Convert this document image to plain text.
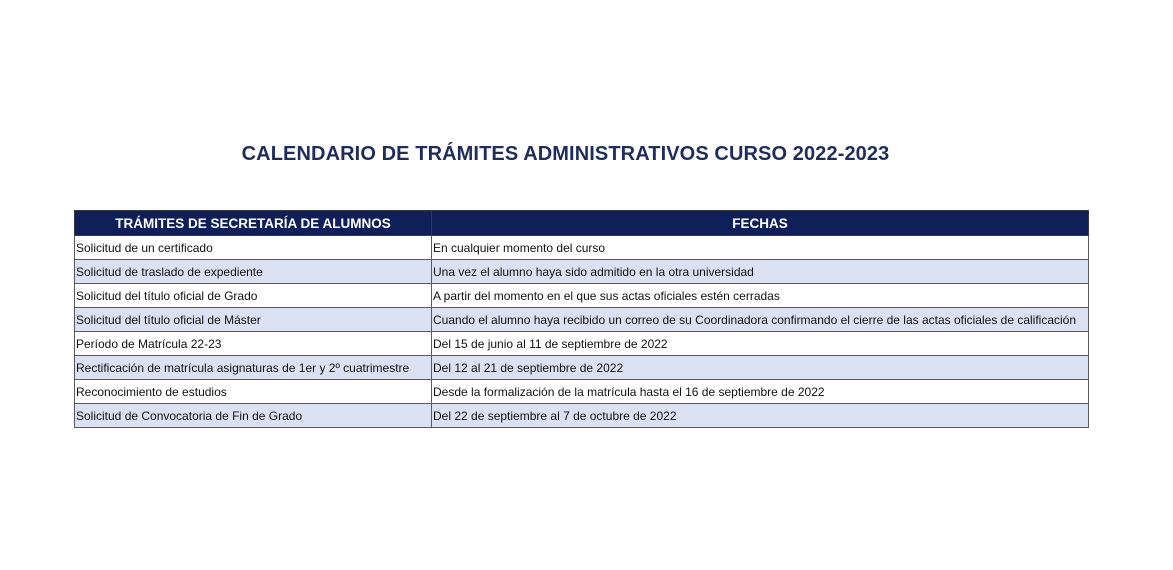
CALENDARIO DE TRÁMITES ADMINISTRATIVOS CURSO 2022-2023
TRÁMITES DE SECRETARÍA DE ALUMNOS	FECHAS
Solicitud de un certificado	En cualquier momento del curso
Solicitud de traslado de expediente	Una vez el alumno haya sido admitido en la otra universidad
Solicitud del título oficial de Grado	A partir del momento en el que sus actas oficiales estén cerradas
Solicitud del título oficial de Máster	Cuando el alumno haya recibido un correo de su Coordinadora confirmando el cierre de las actas oficiales de calificación
Período de Matrícula 22-23	Del 15 de junio al 11 de septiembre de 2022
Rectificación de matrícula asignaturas de 1er y 2º cuatrimestre	Del 12 al 21 de septiembre de 2022
Reconocimiento de estudios	Desde la formalización de la matrícula hasta el 16 de septiembre de 2022
Solicitud de Convocatoria de Fin de Grado	Del 22 de septiembre al 7 de octubre de 2022
